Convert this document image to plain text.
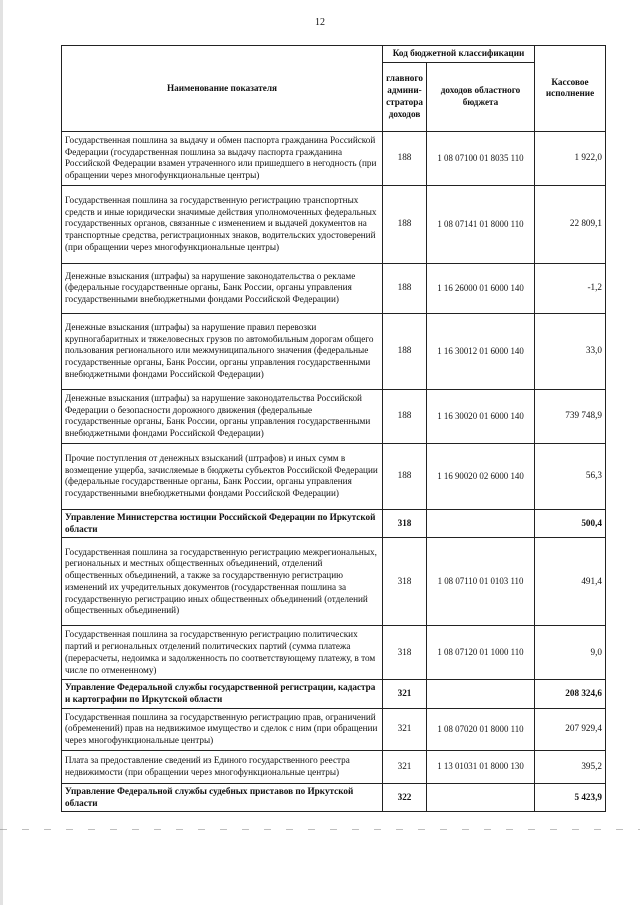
12
Наименование показателя	Код бюджетной классификации		Кассовое исполнение
	главного админи-стратора доходов	доходов областного бюджета	
Государственная пошлина за выдачу и обмен паспорта гражданина Российской Федерации (государственная пошлина за выдачу паспорта гражданина Российской Федерации взамен утраченного или пришедшего в негодность (при обращении через многофункциональные центры)	188	1 08 07100 01 8035 110	1 922,0
Государственная пошлина за государственную регистрацию транспортных средств и иные юридически значимые действия уполномоченных федеральных государственных органов, связанные с изменением и выдачей документов на транспортные средства, регистрационных знаков, водительских удостоверений (при обращении через многофункциональные центры)	188	1 08 07141 01 8000 110	22 809,1
Денежные взыскания (штрафы) за нарушение законодательства о рекламе (федеральные государственные органы, Банк России, органы управления государственными внебюджетными фондами Российской Федерации)	188	1 16 26000 01 6000 140	-1,2
Денежные взыскания (штрафы) за нарушение правил перевозки крупногабаритных и тяжеловесных грузов по автомобильным дорогам общего пользования регионального или межмуниципального значения (федеральные государственные органы, Банк России, органы управления государственными внебюджетными фондами Российской Федерации)	188	1 16 30012 01 6000 140	33,0
Денежные взыскания (штрафы) за нарушение законодательства Российской Федерации о безопасности дорожного движения (федеральные государственные органы, Банк России, органы управления государственными внебюджетными фондами Российской Федерации)	188	1 16 30020 01 6000 140	739 748,9
Прочие поступления от денежных взысканий (штрафов) и иных сумм в возмещение ущерба, зачисляемые в бюджеты субъектов Российской Федерации (федеральные государственные органы, Банк России, органы управления государственными внебюджетными фондами Российской Федерации)	188	1 16 90020 02 6000 140	56,3
Управление Министерства юстиции Российской Федерации по Иркутской области	318		500,4
Государственная пошлина за государственную регистрацию межрегиональных, региональных и местных общественных объединений, отделений общественных объединений, а также за государственную регистрацию изменений их учредительных документов (государственная пошлина за государственную регистрацию иных общественных объединений (отделений общественных объединений)	318	1 08 07110 01 0103 110	491,4
Государственная пошлина за государственную регистрацию политических партий и региональных отделений политических партий (сумма платежа (перерасчеты, недоимка и задолженность по соответствующему платежу, в том числе по отмененному)	318	1 08 07120 01 1000 110	9,0
Управление Федеральной службы государственной регистрации, кадастра и картографии по Иркутской области	321		208 324,6
Государственная пошлина за государственную регистрацию прав, ограничений (обременений) прав на недвижимое имущество и сделок с ним (при обращении через многофункциональные центры)	321	1 08 07020 01 8000 110	207 929,4
Плата за предоставление сведений из Единого государственного реестра недвижимости (при обращении через многофункциональные центры)	321	1 13 01031 01 8000 130	395,2
Управление Федеральной службы судебных приставов по Иркутской области	322		5 423,9
